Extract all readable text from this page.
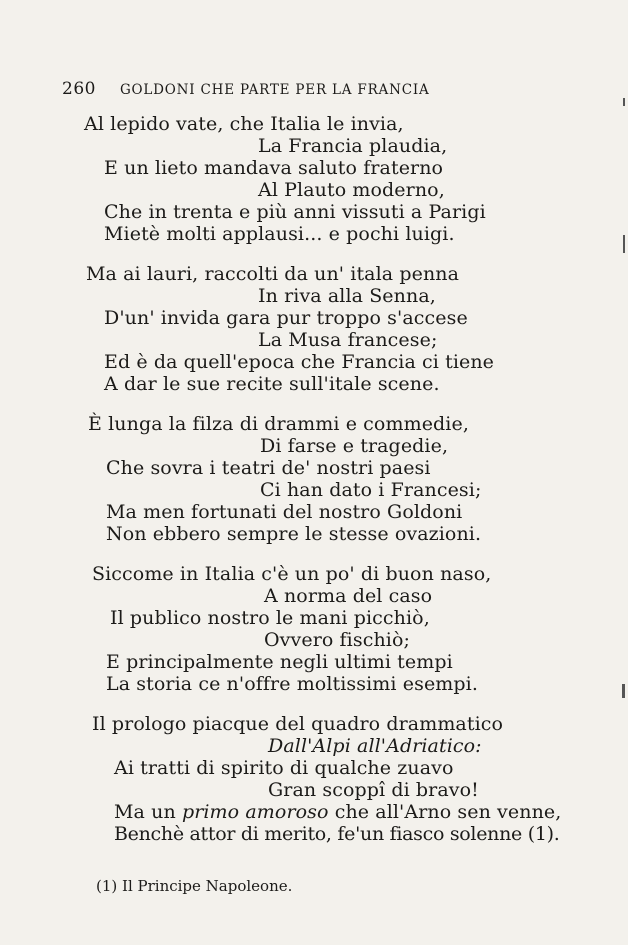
260 GOLDONI CHE PARTE PER LA FRANCIA
Al lepido vate, che Italia le invia,
La Francia plaudia,
E un lieto mandava saluto fraterno
Al Plauto moderno,
Che in trenta e più anni vissuti a Parigi
Mietè molti applausi... e pochi luigi.
Ma ai lauri, raccolti da un' itala penna
In riva alla Senna,
D'un' invida gara pur troppo s'accese
La Musa francese;
Ed è da quell'epoca che Francia ci tiene
A dar le sue recite sull'itale scene.
È lunga la filza di drammi e commedie,
Di farse e tragedie,
Che sovra i teatri de' nostri paesi
Ci han dato i Francesi;
Ma men fortunati del nostro Goldoni
Non ebbero sempre le stesse ovazioni.
Siccome in Italia c'è un po' di buon naso,
A norma del caso
Il publico nostro le mani picchiò,
Ovvero fischiò;
E principalmente negli ultimi tempi
La storia ce n'offre moltissimi esempi.
Il prologo piacque del quadro drammatico
Dall'Alpi all'Adriatico:
Ai tratti di spirito di qualche zuavo
Gran scoppî di bravo!
Ma un primo amoroso che all'Arno sen venne,
Benchè attor di merito, fe'un fiasco solenne (1).
(1) Il Principe Napoleone.
